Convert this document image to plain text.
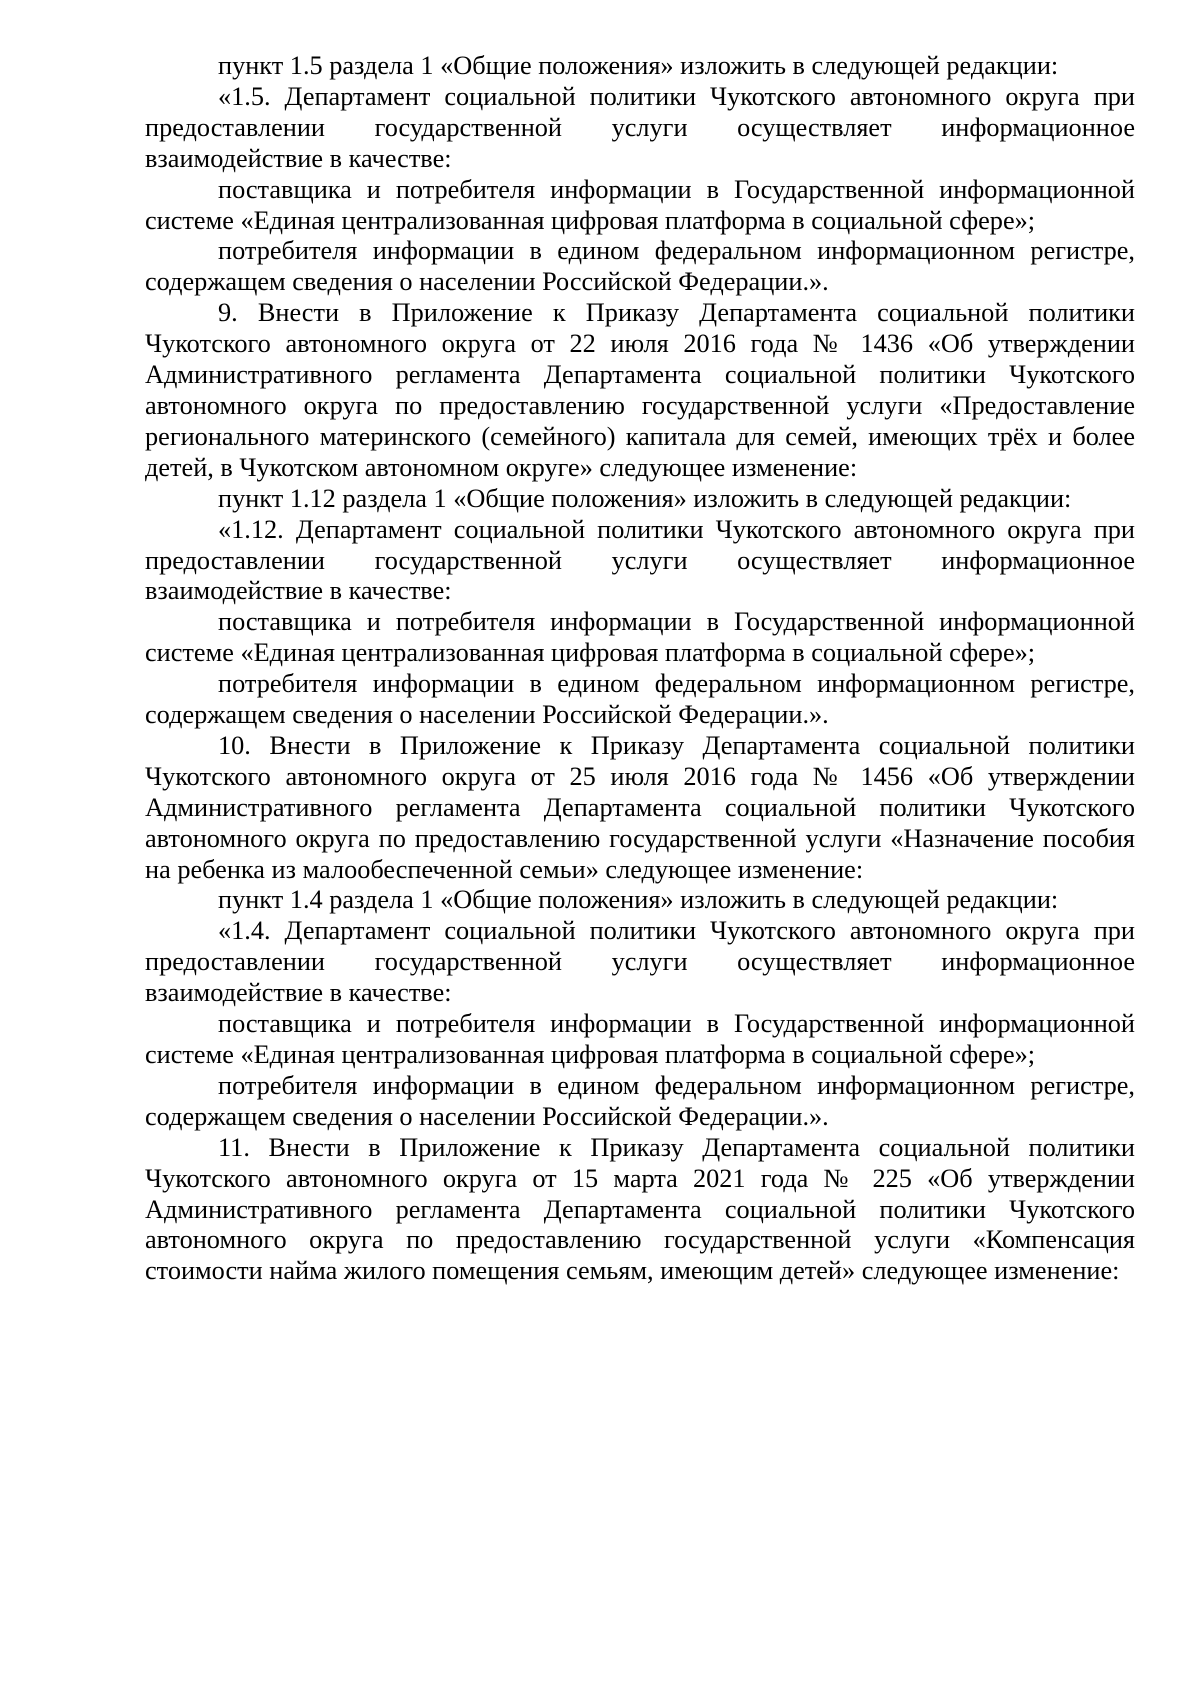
пункт 1.5 раздела 1 «Общие положения» изложить в следующей редакции:

«1.5. Департамент социальной политики Чукотского автономного округа при предоставлении государственной услуги осуществляет информационное взаимодействие в качестве:

поставщика и потребителя информации в Государственной информационной системе «Единая централизованная цифровая платформа в социальной сфере»;

потребителя информации в едином федеральном информационном регистре, содержащем сведения о населении Российской Федерации.».

9. Внести в Приложение к Приказу Департамента социальной политики Чукотского автономного округа от 22 июля 2016 года № 1436 «Об утверждении Административного регламента Департамента социальной политики Чукотского автономного округа по предоставлению государственной услуги «Предоставление регионального материнского (семейного) капитала для семей, имеющих трёх и более детей, в Чукотском автономном округе» следующее изменение:

пункт 1.12 раздела 1 «Общие положения» изложить в следующей редакции:

«1.12. Департамент социальной политики Чукотского автономного округа при предоставлении государственной услуги осуществляет информационное взаимодействие в качестве:

поставщика и потребителя информации в Государственной информационной системе «Единая централизованная цифровая платформа в социальной сфере»;

потребителя информации в едином федеральном информационном регистре, содержащем сведения о населении Российской Федерации.».

10. Внести в Приложение к Приказу Департамента социальной политики Чукотского автономного округа от 25 июля 2016 года № 1456 «Об утверждении Административного регламента Департамента социальной политики Чукотского автономного округа по предоставлению государственной услуги «Назначение пособия на ребенка из малообеспеченной семьи» следующее изменение:

пункт 1.4 раздела 1 «Общие положения» изложить в следующей редакции:

«1.4. Департамент социальной политики Чукотского автономного округа при предоставлении государственной услуги осуществляет информационное взаимодействие в качестве:

поставщика и потребителя информации в Государственной информационной системе «Единая централизованная цифровая платформа в социальной сфере»;

потребителя информации в едином федеральном информационном регистре, содержащем сведения о населении Российской Федерации.».

11. Внести в Приложение к Приказу Департамента социальной политики Чукотского автономного округа от 15 марта 2021 года № 225 «Об утверждении Административного регламента Департамента социальной политики Чукотского автономного округа по предоставлению государственной услуги «Компенсация стоимости найма жилого помещения семьям, имеющим детей» следующее изменение:
